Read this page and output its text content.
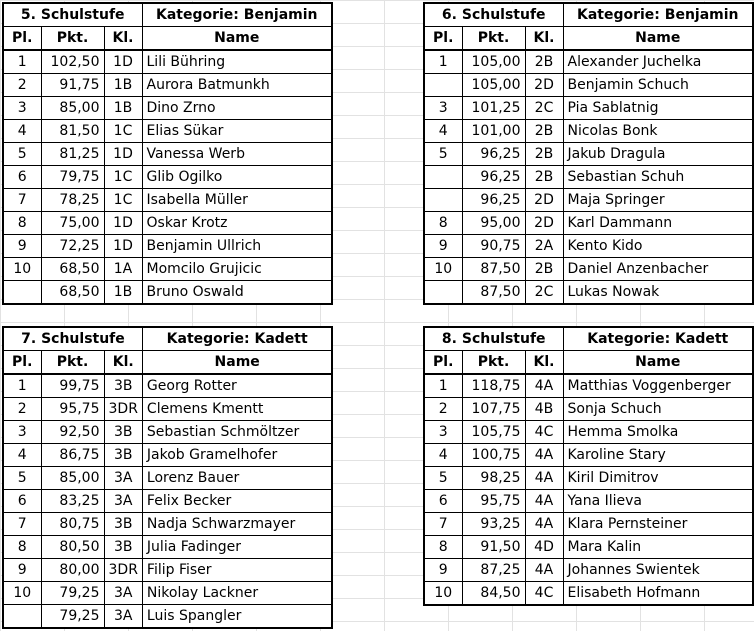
5. Schulstufe			Kategorie: Benjamin
Pl.	Pkt.	Kl.	Name
1	102,50	1D	Lili Bühring
2	91,75	1B	Aurora Batmunkh
3	85,00	1B	Dino Zrno
4	81,50	1C	Elias Sükar
5	81,25	1D	Vanessa Werb
6	79,75	1C	Glib Ogilko
7	78,25	1C	Isabella Müller
8	75,00	1D	Oskar Krotz
9	72,25	1D	Benjamin Ullrich
10	68,50	1A	Momcilo Grujicic
	68,50	1B	Bruno Oswald
6. Schulstufe			Kategorie: Benjamin
Pl.	Pkt.	Kl.	Name
1	105,00	2B	Alexander Juchelka
	105,00	2D	Benjamin Schuch
3	101,25	2C	Pia Sablatnig
4	101,00	2B	Nicolas Bonk
5	96,25	2B	Jakub Dragula
	96,25	2B	Sebastian Schuh
	96,25	2D	Maja Springer
8	95,00	2D	Karl Dammann
9	90,75	2A	Kento Kido
10	87,50	2B	Daniel Anzenbacher
	87,50	2C	Lukas Nowak
7. Schulstufe			Kategorie: Kadett
Pl.	Pkt.	Kl.	Name
1	99,75	3B	Georg Rotter
2	95,75	3DR	Clemens Kmentt
3	92,50	3B	Sebastian Schmöltzer
4	86,75	3B	Jakob Gramelhofer
5	85,00	3A	Lorenz Bauer
6	83,25	3A	Felix Becker
7	80,75	3B	Nadja Schwarzmayer
8	80,50	3B	Julia Fadinger
9	80,00	3DR	Filip Fiser
10	79,25	3A	Nikolay Lackner
	79,25	3A	Luis Spangler
8. Schulstufe			Kategorie: Kadett
Pl.	Pkt.	Kl.	Name
1	118,75	4A	Matthias Voggenberger
2	107,75	4B	Sonja Schuch
3	105,75	4C	Hemma Smolka
4	100,75	4A	Karoline Stary
5	98,25	4A	Kiril Dimitrov
6	95,75	4A	Yana Ilieva
7	93,25	4A	Klara Pernsteiner
8	91,50	4D	Mara Kalin
9	87,25	4A	Johannes Swientek
10	84,50	4C	Elisabeth Hofmann
